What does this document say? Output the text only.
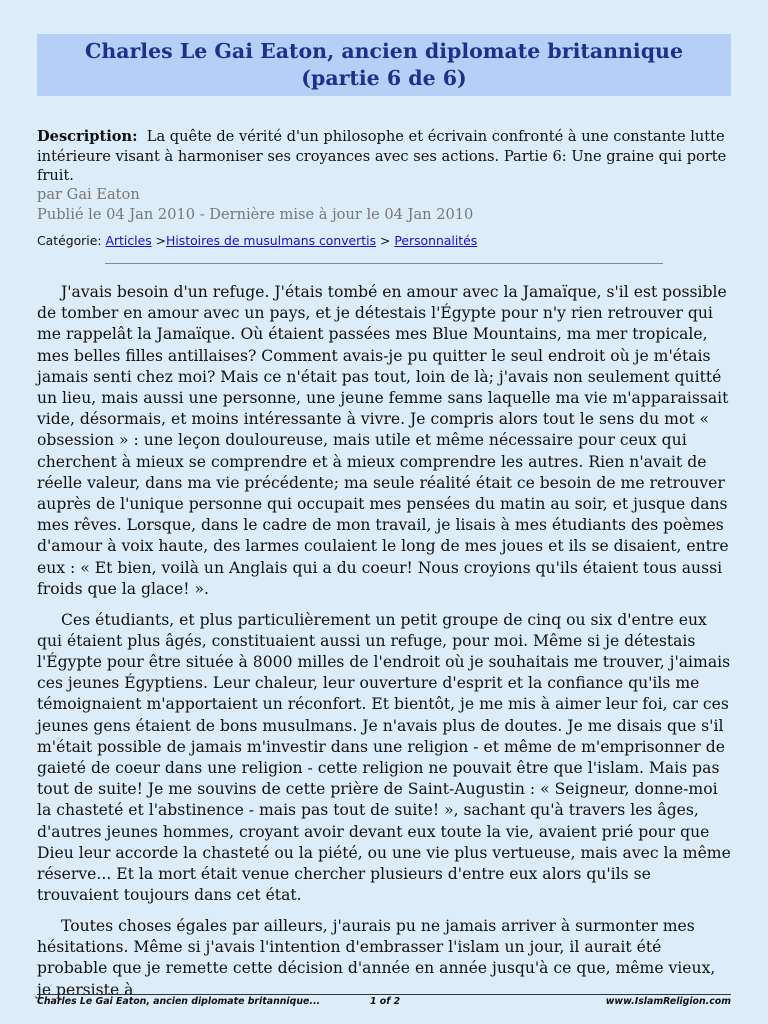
Charles Le Gai Eaton, ancien diplomate britannique (partie 6 de 6)
Description: La quête de vérité d'un philosophe et écrivain confronté à une constante lutte intérieure visant à harmoniser ses croyances avec ses actions. Partie 6: Une graine qui porte fruit.
par Gai Eaton
Publié le 04 Jan 2010 - Dernière mise à jour le 04 Jan 2010
Catégorie: Articles >Histoires de musulmans convertis > Personnalités

J'avais besoin d'un refuge. J'étais tombé en amour avec la Jamaïque, s'il est possible de tomber en amour avec un pays, et je détestais l'Égypte pour n'y rien retrouver qui me rappelât la Jamaïque. Où étaient passées mes Blue Mountains, ma mer tropicale, mes belles filles antillaises? Comment avais-je pu quitter le seul endroit où je m'étais jamais senti chez moi? Mais ce n'était pas tout, loin de là; j'avais non seulement quitté un lieu, mais aussi une personne, une jeune femme sans laquelle ma vie m'apparaissait vide, désormais, et moins intéressante à vivre. Je compris alors tout le sens du mot « obsession » : une leçon douloureuse, mais utile et même nécessaire pour ceux qui cherchent à mieux se comprendre et à mieux comprendre les autres. Rien n'avait de réelle valeur, dans ma vie précédente; ma seule réalité était ce besoin de me retrouver auprès de l'unique personne qui occupait mes pensées du matin au soir, et jusque dans mes rêves. Lorsque, dans le cadre de mon travail, je lisais à mes étudiants des poèmes d'amour à voix haute, des larmes coulaient le long de mes joues et ils se disaient, entre eux : « Et bien, voilà un Anglais qui a du coeur! Nous croyions qu'ils étaient tous aussi froids que la glace! ».

Ces étudiants, et plus particulièrement un petit groupe de cinq ou six d'entre eux qui étaient plus âgés, constituaient aussi un refuge, pour moi. Même si je détestais l'Égypte pour être située à 8000 milles de l'endroit où je souhaitais me trouver, j'aimais ces jeunes Égyptiens. Leur chaleur, leur ouverture d'esprit et la confiance qu'ils me témoignaient m'apportaient un réconfort. Et bientôt, je me mis à aimer leur foi, car ces jeunes gens étaient de bons musulmans. Je n'avais plus de doutes. Je me disais que s'il m'était possible de jamais m'investir dans une religion - et même de m'emprisonner de gaieté de coeur dans une religion - cette religion ne pouvait être que l'islam. Mais pas tout de suite! Je me souvins de cette prière de Saint-Augustin : « Seigneur, donne-moi la chasteté et l'abstinence - mais pas tout de suite! », sachant qu'à travers les âges, d'autres jeunes hommes, croyant avoir devant eux toute la vie, avaient prié pour que Dieu leur accorde la chasteté ou la piété, ou une vie plus vertueuse, mais avec la même réserve... Et la mort était venue chercher plusieurs d'entre eux alors qu'ils se trouvaient toujours dans cet état.

Toutes choses égales par ailleurs, j'aurais pu ne jamais arriver à surmonter mes hésitations. Même si j'avais l'intention d'embrasser l'islam un jour, il aurait été probable que je remette cette décision d'année en année jusqu'à ce que, même vieux, je persiste à

Charles Le Gai Eaton, ancien diplomate britannique...	1 of 2	www.IslamReligion.com
